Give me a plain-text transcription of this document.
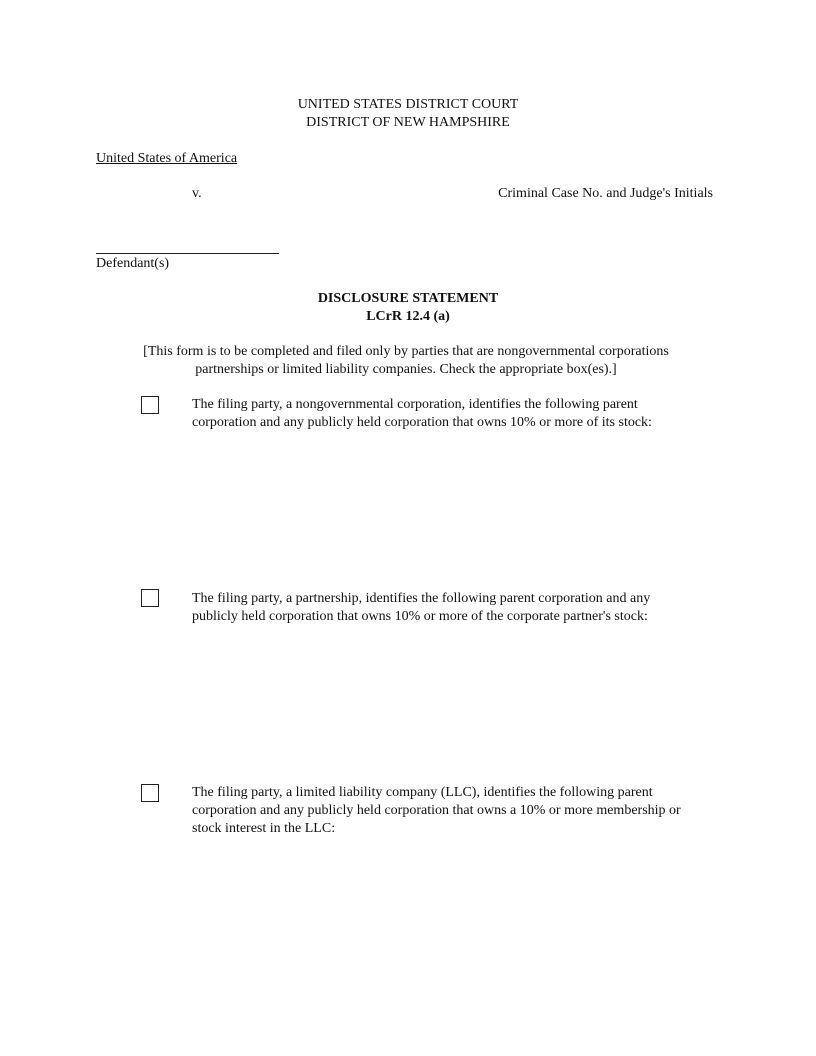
UNITED STATES DISTRICT COURT
DISTRICT OF NEW HAMPSHIRE
United States of America
v.	Criminal Case No. and Judge's Initials
Defendant(s)
DISCLOSURE STATEMENT
LCrR 12.4 (a)
[This form is to be completed and filed only by parties that are nongovernmental corporations
partnerships or limited liability companies. Check the appropriate box(es).]
The filing party, a nongovernmental corporation, identifies the following parent
corporation and any publicly held corporation that owns 10% or more of its stock:
The filing party, a partnership, identifies the following parent corporation and any
publicly held corporation that owns 10% or more of the corporate partner's stock:
The filing party, a limited liability company (LLC), identifies the following parent
corporation and any publicly held corporation that owns a 10% or more membership or
stock interest in the LLC:
